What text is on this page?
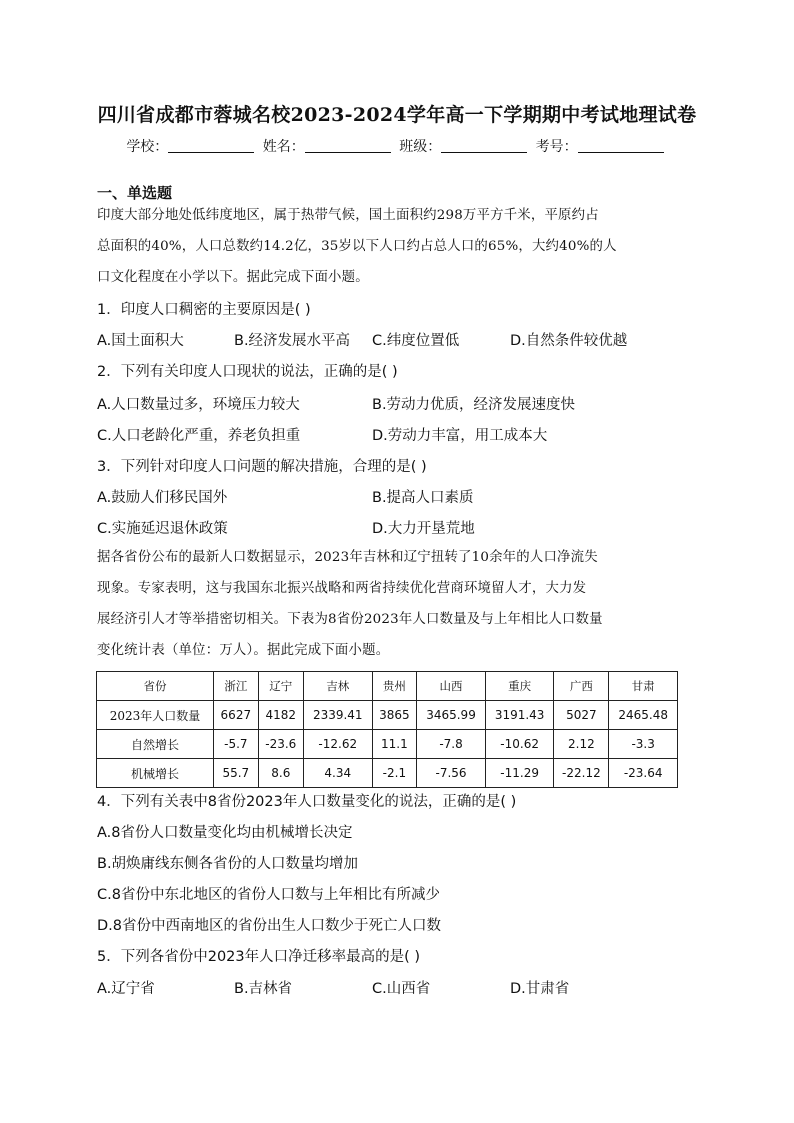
四川省成都市蓉城名校2023-2024学年高一下学期期中考试地理试卷
学校：	姓名：	班级：	考号：
一、单选题
印度大部分地处低纬度地区，属于热带气候，国土面积约298万平方千米，平原约占
总面积的40%，人口总数约14.2亿，35岁以下人口约占总人口的65%，大约40%的人
口文化程度在小学以下。据此完成下面小题。
1．印度人口稠密的主要原因是( )
A.国土面积大	B.经济发展水平高 C.纬度位置低	D.自然条件较优越
2．下列有关印度人口现状的说法，正确的是( )
A.人口数量过多，环境压力较大	B.劳动力优质，经济发展速度快
C.人口老龄化严重，养老负担重	D.劳动力丰富，用工成本大
3．下列针对印度人口问题的解决措施，合理的是( )
A.鼓励人们移民国外	B.提高人口素质
C.实施延迟退休政策	D.大力开垦荒地
据各省份公布的最新人口数据显示，2023年吉林和辽宁扭转了10余年的人口净流失
现象。专家表明，这与我国东北振兴战略和两省持续优化营商环境留人才，大力发
展经济引人才等举措密切相关。下表为8省份2023年人口数量及与上年相比人口数量
变化统计表（单位：万人）。据此完成下面小题。
省份	浙江	辽宁	吉林	贵州	山西	重庆	广西	甘肃
2023年人口数量	6627	4182	2339.41	3865	3465.99	3191.43	5027	2465.48
自然增长	-5.7	-23.6	-12.62	11.1	-7.8	-10.62	2.12	-3.3
机械增长	55.7	8.6	4.34	-2.1	-7.56	-11.29	-22.12	-23.64
4．下列有关表中8省份2023年人口数量变化的说法，正确的是( )
A.8省份人口数量变化均由机械增长决定
B.胡焕庸线东侧各省份的人口数量均增加
C.8省份中东北地区的省份人口数与上年相比有所减少
D.8省份中西南地区的省份出生人口数少于死亡人口数
5．下列各省份中2023年人口净迁移率最高的是( )
A.辽宁省	B.吉林省	C.山西省	D.甘肃省
